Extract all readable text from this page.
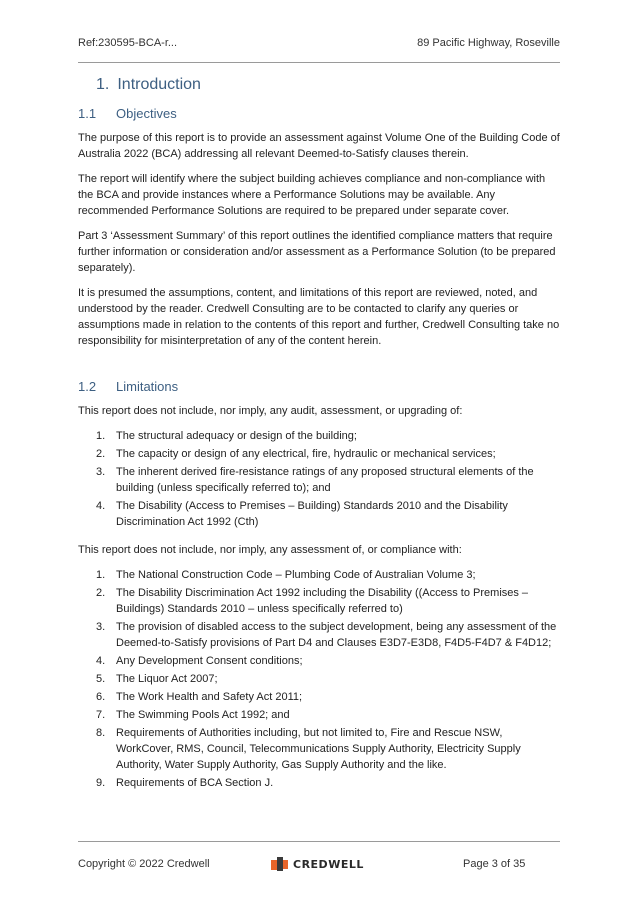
Ref:230595-BCA-r...	89 Pacific Highway, Roseville
1. Introduction
1.1	Objectives

The purpose of this report is to provide an assessment against Volume One of the Building Code of Australia 2022 (BCA) addressing all relevant Deemed-to-Satisfy clauses therein.

The report will identify where the subject building achieves compliance and non-compliance with the BCA and provide instances where a Performance Solutions may be available. Any recommended Performance Solutions are required to be prepared under separate cover.

Part 3 ‘Assessment Summary’ of this report outlines the identified compliance matters that require further information or consideration and/or assessment as a Performance Solution (to be prepared separately).

It is presumed the assumptions, content, and limitations of this report are reviewed, noted, and understood by the reader. Credwell Consulting are to be contacted to clarify any queries or assumptions made in relation to the contents of this report and further, Credwell Consulting take no responsibility for misinterpretation of any of the content herein.

1.2	Limitations

This report does not include, nor imply, any audit, assessment, or upgrading of:

1. The structural adequacy or design of the building;
2. The capacity or design of any electrical, fire, hydraulic or mechanical services;
3. The inherent derived fire-resistance ratings of any proposed structural elements of the building (unless specifically referred to); and
4. The Disability (Access to Premises – Building) Standards 2010 and the Disability Discrimination Act 1992 (Cth)

This report does not include, nor imply, any assessment of, or compliance with:

1. The National Construction Code – Plumbing Code of Australian Volume 3;
2. The Disability Discrimination Act 1992 including the Disability ((Access to Premises – Buildings) Standards 2010 – unless specifically referred to)
3. The provision of disabled access to the subject development, being any assessment of the Deemed-to-Satisfy provisions of Part D4 and Clauses E3D7-E3D8, F4D5-F4D7 & F4D12;
4. Any Development Consent conditions;
5. The Liquor Act 2007;
6. The Work Health and Safety Act 2011;
7. The Swimming Pools Act 1992; and
8. Requirements of Authorities including, but not limited to, Fire and Rescue NSW, WorkCover, RMS, Council, Telecommunications Supply Authority, Electricity Supply Authority, Water Supply Authority, Gas Supply Authority and the like.
9. Requirements of BCA Section J.
Copyright © 2022 Credwell	CREDWELL	Page 3 of 35
